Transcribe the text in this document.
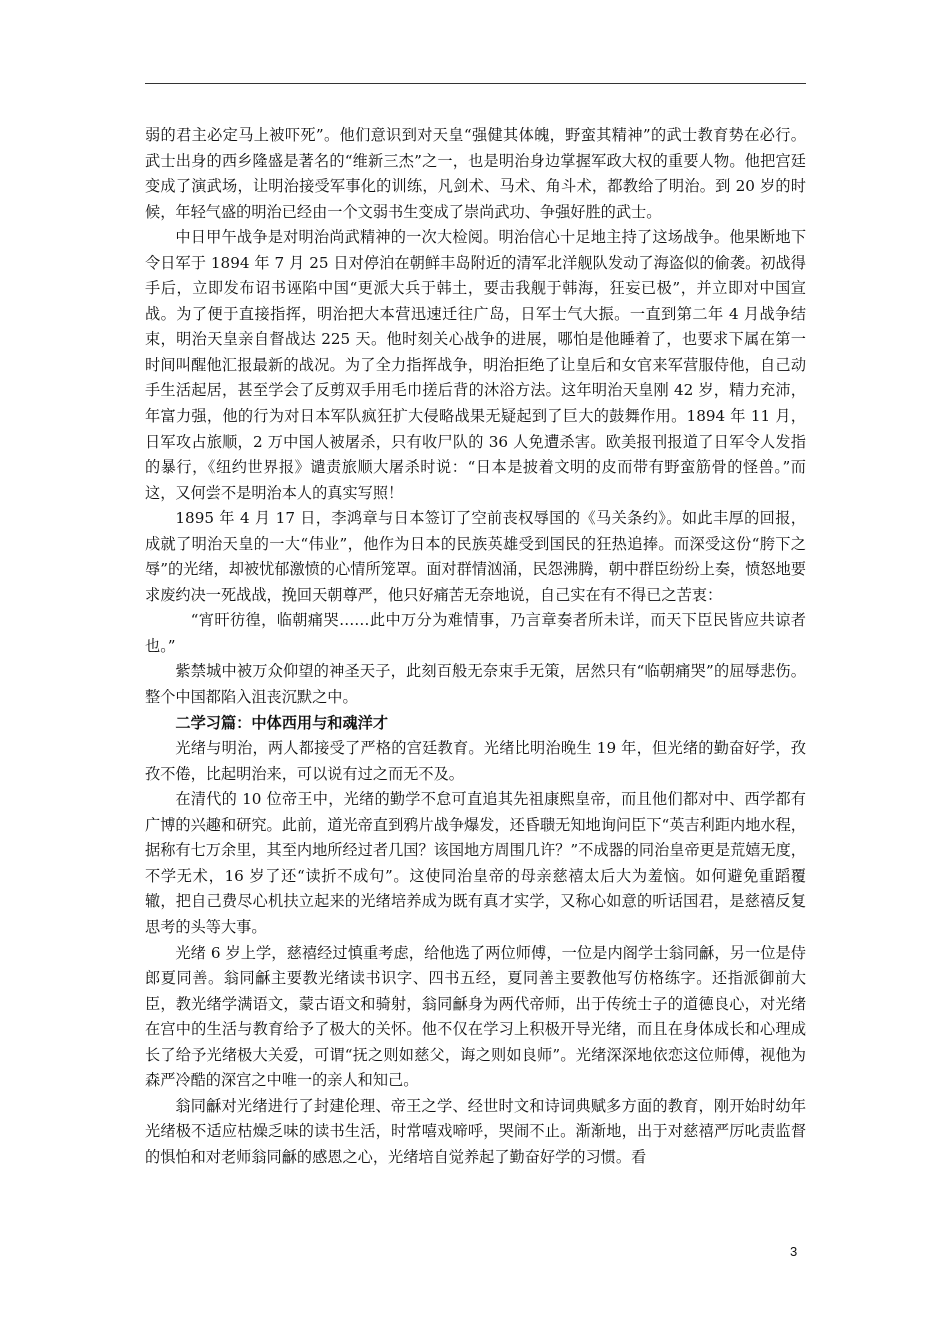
弱的君主必定马上被吓死”。他们意识到对天皇“强健其体魄，野蛮其精神”的武士教育势在必行。武士出身的西乡隆盛是著名的“维新三杰”之一，也是明治身边掌握军政大权的重要人物。他把宫廷变成了演武场，让明治接受军事化的训练，凡剑术、马术、角斗术，都教给了明治。到 20 岁的时候，年轻气盛的明治已经由一个文弱书生变成了崇尚武功、争强好胜的武士。

中日甲午战争是对明治尚武精神的一次大检阅。明治信心十足地主持了这场战争。他果断地下令日军于 1894 年 7 月 25 日对停泊在朝鲜丰岛附近的清军北洋舰队发动了海盗似的偷袭。初战得手后，立即发布诏书诬陷中国“更派大兵于韩土，要击我舰于韩海，狂妄已极”，并立即对中国宣战。为了便于直接指挥，明治把大本营迅速迁往广岛，日军士气大振。一直到第二年 4 月战争结束，明治天皇亲自督战达 225 天。他时刻关心战争的进展，哪怕是他睡着了，也要求下属在第一时间叫醒他汇报最新的战况。为了全力指挥战争，明治拒绝了让皇后和女官来军营服侍他，自己动手生活起居，甚至学会了反剪双手用毛巾搓后背的沐浴方法。这年明治天皇刚 42 岁，精力充沛，年富力强，他的行为对日本军队疯狂扩大侵略战果无疑起到了巨大的鼓舞作用。1894 年 11 月，日军攻占旅顺，2 万中国人被屠杀，只有收尸队的 36 人免遭杀害。欧美报刊报道了日军令人发指的暴行，《纽约世界报》谴责旅顺大屠杀时说：“日本是披着文明的皮而带有野蛮筋骨的怪兽。”而这，又何尝不是明治本人的真实写照！

1895 年 4 月 17 日，李鸿章与日本签订了空前丧权辱国的《马关条约》。如此丰厚的回报，成就了明治天皇的一大“伟业”，他作为日本的民族英雄受到国民的狂热追捧。而深受这份“胯下之辱”的光绪，却被忧郁激愤的心情所笼罩。面对群情汹涌，民怨沸腾，朝中群臣纷纷上奏，愤怒地要求废约决一死战战，挽回天朝尊严，他只好痛苦无奈地说，自己实在有不得已之苦衷：

“宵旰彷徨，临朝痛哭……此中万分为难情事，乃言章奏者所未详，而天下臣民皆应共谅者也。”

紫禁城中被万众仰望的神圣天子，此刻百般无奈束手无策，居然只有“临朝痛哭”的屈辱悲伤。整个中国都陷入沮丧沉默之中。

二学习篇：中体西用与和魂洋才

光绪与明治，两人都接受了严格的宫廷教育。光绪比明治晚生 19 年，但光绪的勤奋好学，孜孜不倦，比起明治来，可以说有过之而无不及。

在清代的 10 位帝王中，光绪的勤学不怠可直追其先祖康熙皇帝，而且他们都对中、西学都有广博的兴趣和研究。此前，道光帝直到鸦片战争爆发，还昏聩无知地询问臣下“英吉利距内地水程，据称有七万余里，其至内地所经过者几国？该国地方周围几许？”不成器的同治皇帝更是荒嬉无度，不学无术，16 岁了还“读折不成句”。这使同治皇帝的母亲慈禧太后大为羞恼。如何避免重蹈覆辙，把自己费尽心机扶立起来的光绪培养成为既有真才实学，又称心如意的听话国君，是慈禧反复思考的头等大事。

光绪 6 岁上学，慈禧经过慎重考虑，给他选了两位师傅，一位是内阁学士翁同龢，另一位是侍郎夏同善。翁同龢主要教光绪读书识字、四书五经，夏同善主要教他写仿格练字。还指派御前大臣，教光绪学满语文，蒙古语文和骑射，翁同龢身为两代帝师，出于传统士子的道德良心，对光绪在宫中的生活与教育给予了极大的关怀。他不仅在学习上积极开导光绪，而且在身体成长和心理成长了给予光绪极大关爱，可谓“抚之则如慈父，诲之则如良师”。光绪深深地依恋这位师傅，视他为森严冷酷的深宫之中唯一的亲人和知己。

翁同龢对光绪进行了封建伦理、帝王之学、经世时文和诗词典赋多方面的教育，刚开始时幼年光绪极不适应枯燥乏味的读书生活，时常嘻戏啼呼，哭闹不止。渐渐地，出于对慈禧严厉叱责监督的惧怕和对老师翁同龢的感恩之心，光绪培自觉养起了勤奋好学的习惯。看

3
